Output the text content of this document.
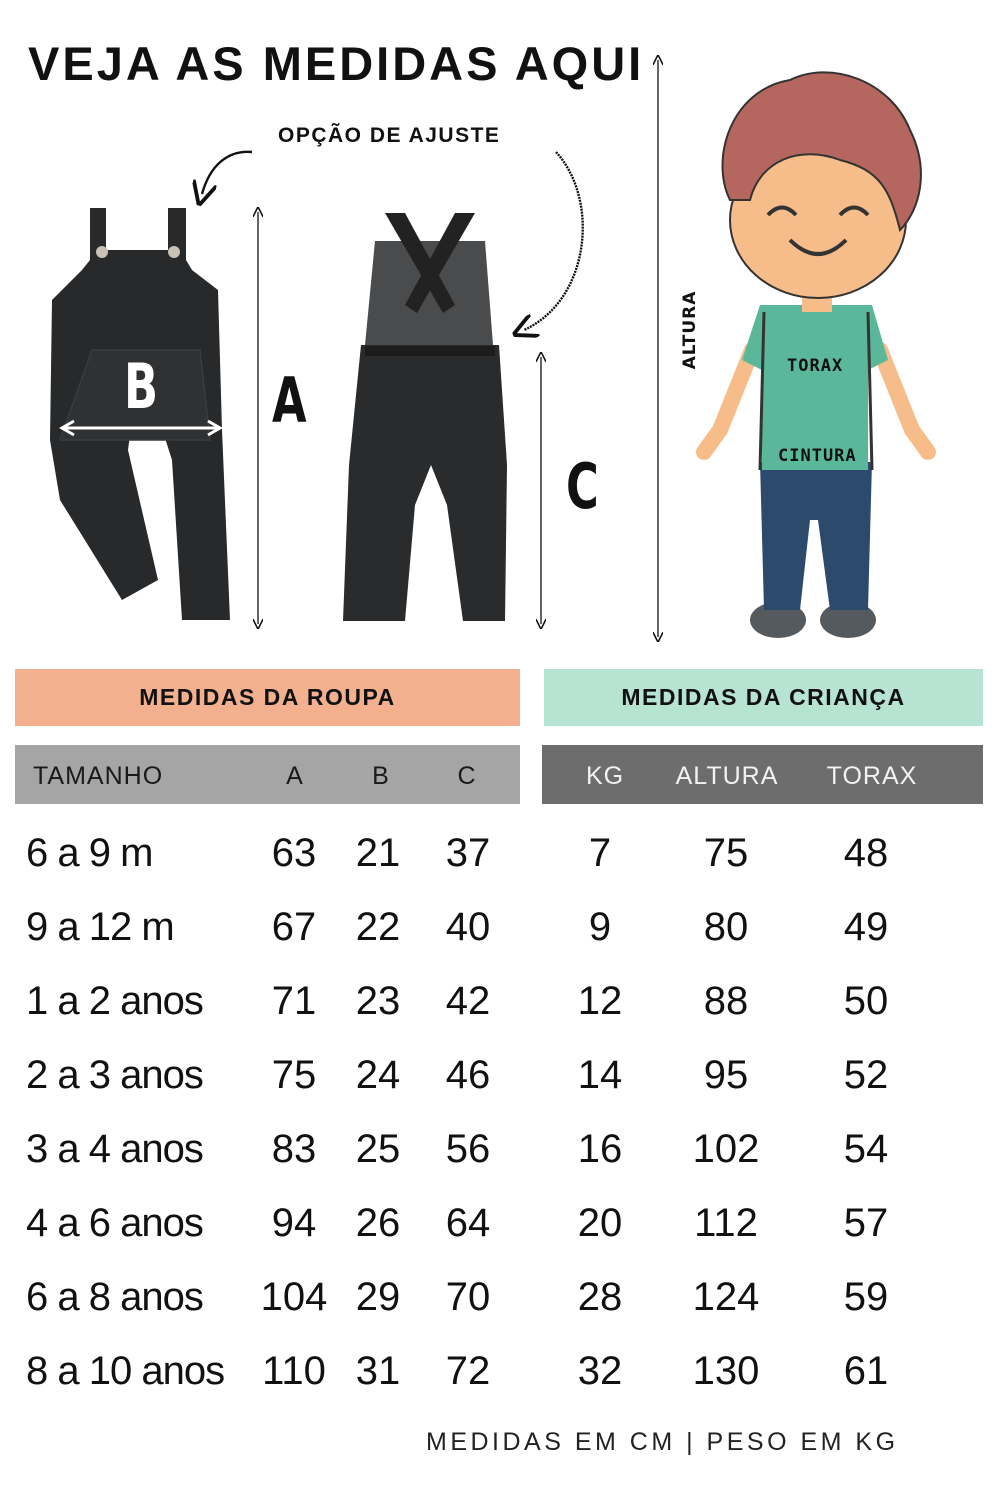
VEJA AS MEDIDAS AQUI
OPÇÃO DE AJUSTE
B A
C
ALTURA	TORAX
CINTURA
MEDIDAS DA ROUPA	MEDIDAS DA CRIANÇA
TAMANHO	A	B	C	KG	ALTURA	TORAX
6 a 9 m	63 21	37	7	75	48
9 a 12 m	67 22	40	9	80	49
1 a 2 anos	71 23	42	12	88	50
2 a 3 anos	75 24	46	14	95	52
3 a 4 anos	83 25	56	16	102	54
4 a 6 anos	94 26	64	20	112	57
6 a 8 anos	104 29	70	28	124	59
8 a 10 anos 110 31	72	32	130	61
MEDIDAS EM CM | PESO EM KG
